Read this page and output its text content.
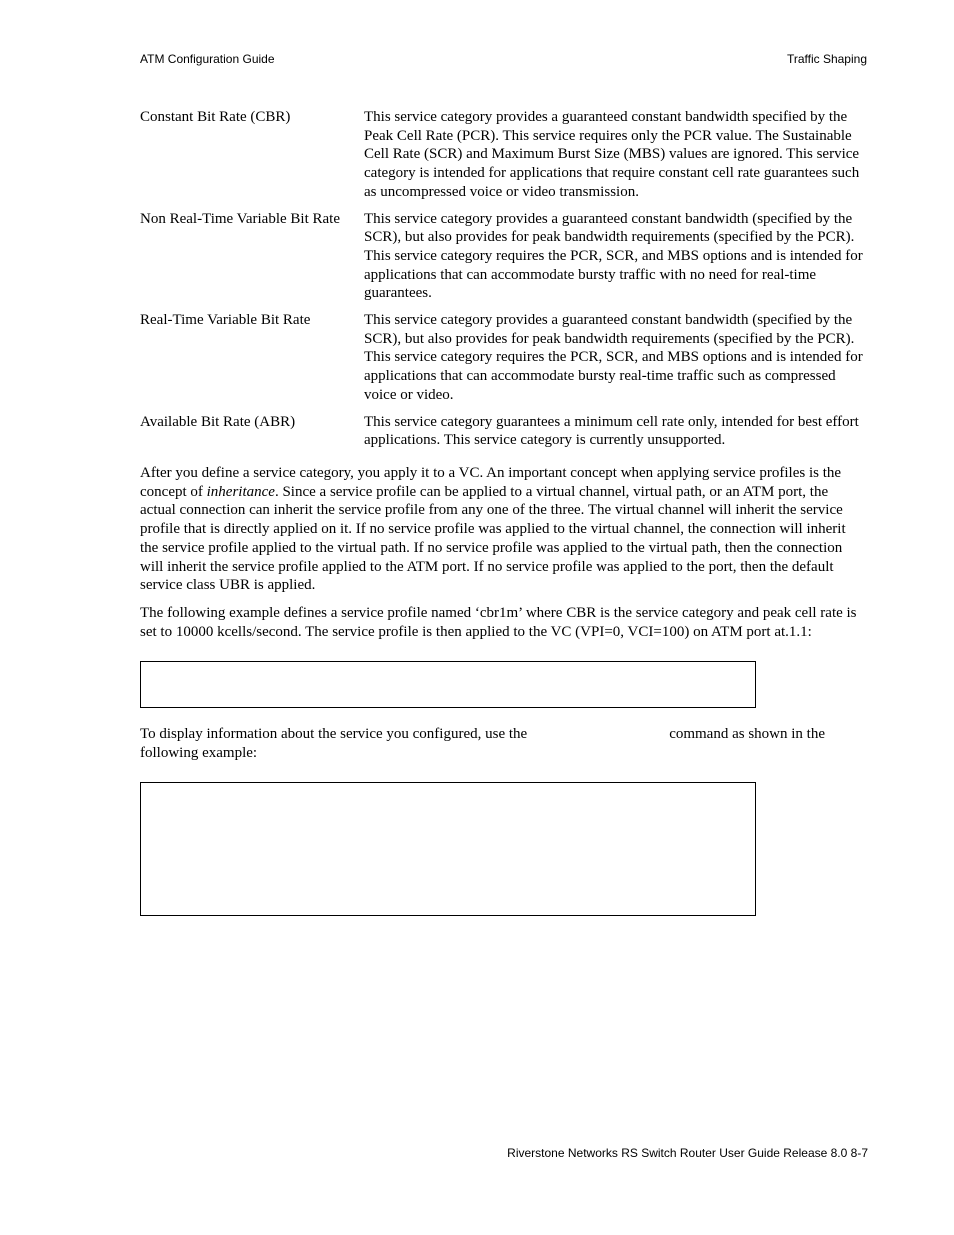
ATM Configuration Guide	Traffic Shaping
Constant Bit Rate (CBR)	This service category provides a guaranteed constant bandwidth specified by the Peak Cell Rate (PCR). This service requires only the PCR value. The Sustainable Cell Rate (SCR) and Maximum Burst Size (MBS) values are ignored. This service category is intended for applications that require constant cell rate guarantees such as uncompressed voice or video transmission.
Non Real-Time Variable Bit Rate	This service category provides a guaranteed constant bandwidth (specified by the SCR), but also provides for peak bandwidth requirements (specified by the PCR). This service category requires the PCR, SCR, and MBS options and is intended for applications that can accommodate bursty traffic with no need for real-time guarantees.
Real-Time Variable Bit Rate	This service category provides a guaranteed constant bandwidth (specified by the SCR), but also provides for peak bandwidth requirements (specified by the PCR). This service category requires the PCR, SCR, and MBS options and is intended for applications that can accommodate bursty real-time traffic such as compressed voice or video.
Available Bit Rate (ABR)	This service category guarantees a minimum cell rate only, intended for best effort applications. This service category is currently unsupported.

After you define a service category, you apply it to a VC. An important concept when applying service profiles is the concept of inheritance. Since a service profile can be applied to a virtual channel, virtual path, or an ATM port, the actual connection can inherit the service profile from any one of the three. The virtual channel will inherit the service profile that is directly applied on it. If no service profile was applied to the virtual channel, the connection will inherit the service profile applied to the virtual path. If no service profile was applied to the virtual path, then the connection will inherit the service profile applied to the ATM port. If no service profile was applied to the port, then the default service class UBR is applied.

The following example defines a service profile named ‘cbr1m’ where CBR is the service category and peak cell rate is set to 10000 kcells/second. The service profile is then applied to the VC (VPI=0, VCI=100) on ATM port at.1.1:

To display information about the service you configured, use the	command as shown in the following example:

Riverstone Networks RS Switch Router User Guide Release 8.0 8-7
